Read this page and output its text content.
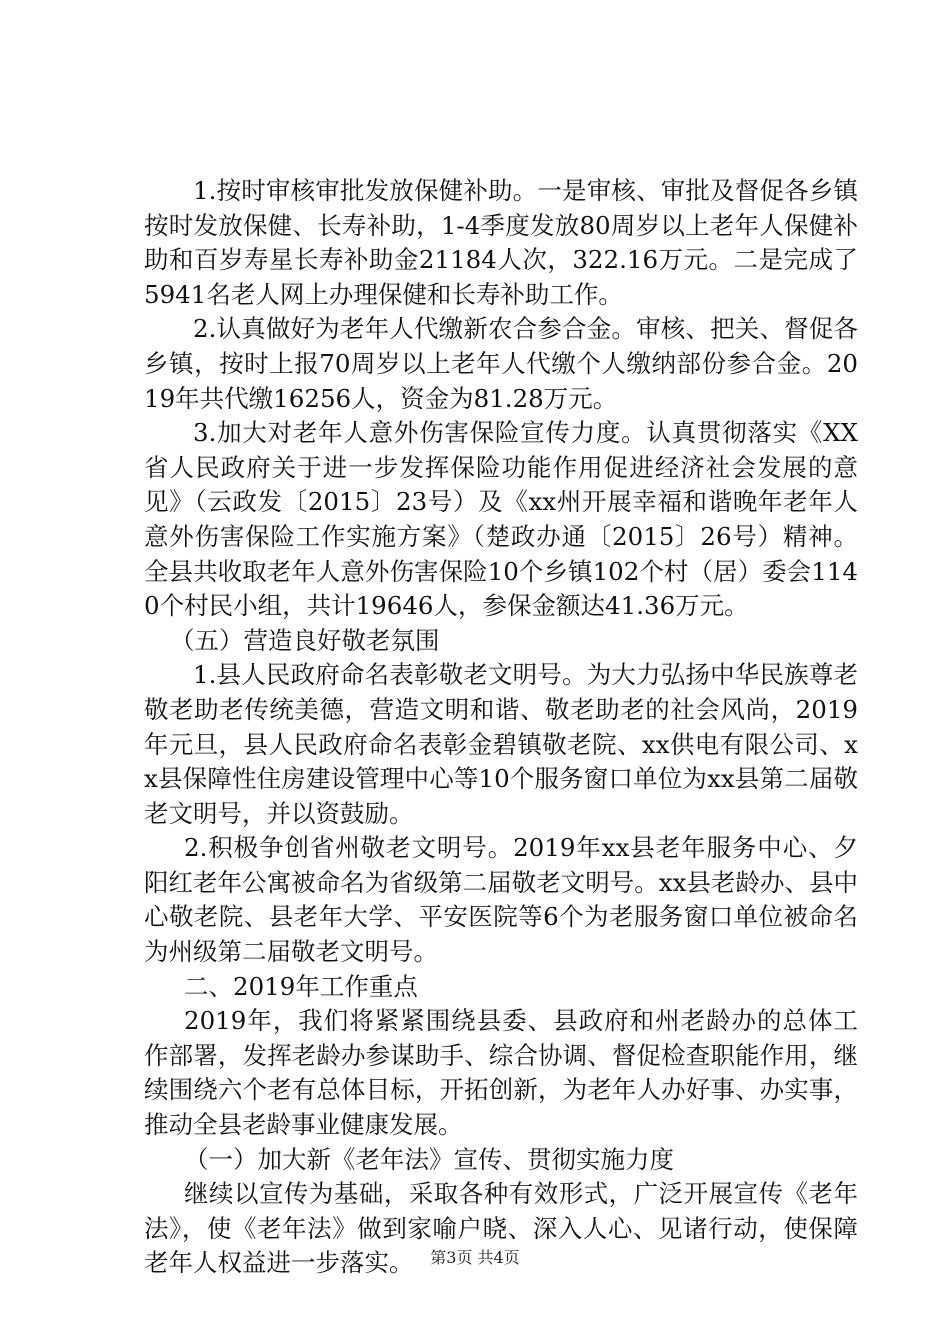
1.按时审核审批发放保健补助。一是审核、审批及督促各乡镇按时发放保健、长寿补助，1-4季度发放80周岁以上老年人保健补助和百岁寿星长寿补助金21184人次，322.16万元。二是完成了5941名老人网上办理保健和长寿补助工作。

2.认真做好为老年人代缴新农合参合金。审核、把关、督促各乡镇，按时上报70周岁以上老年人代缴个人缴纳部份参合金。2019年共代缴16256人，资金为81.28万元。

3.加大对老年人意外伤害保险宣传力度。认真贯彻落实《XX省人民政府关于进一步发挥保险功能作用促进经济社会发展的意见》（云政发〔2015〕23号）及《xx州开展幸福和谐晚年老年人意外伤害保险工作实施方案》（楚政办通〔2015〕26号）精神。全县共收取老年人意外伤害保险10个乡镇102个村（居）委会1140个村民小组，共计19646人，参保金额达41.36万元。

（五）营造良好敬老氛围

1.县人民政府命名表彰敬老文明号。为大力弘扬中华民族尊老敬老助老传统美德，营造文明和谐、敬老助老的社会风尚，2019年元旦，县人民政府命名表彰金碧镇敬老院、xx供电有限公司、xx县保障性住房建设管理中心等10个服务窗口单位为xx县第二届敬老文明号，并以资鼓励。

2.积极争创省州敬老文明号。2019年xx县老年服务中心、夕阳红老年公寓被命名为省级第二届敬老文明号。xx县老龄办、县中心敬老院、县老年大学、平安医院等6个为老服务窗口单位被命名为州级第二届敬老文明号。

二、2019年工作重点

2019年，我们将紧紧围绕县委、县政府和州老龄办的总体工作部署，发挥老龄办参谋助手、综合协调、督促检查职能作用，继续围绕六个老有总体目标，开拓创新，为老年人办好事、办实事，推动全县老龄事业健康发展。

（一）加大新《老年法》宣传、贯彻实施力度

继续以宣传为基础，采取各种有效形式，广泛开展宣传《老年法》，使《老年法》做到家喻户晓、深入人心、见诸行动，使保障老年人权益进一步落实。	第3页 共4页
